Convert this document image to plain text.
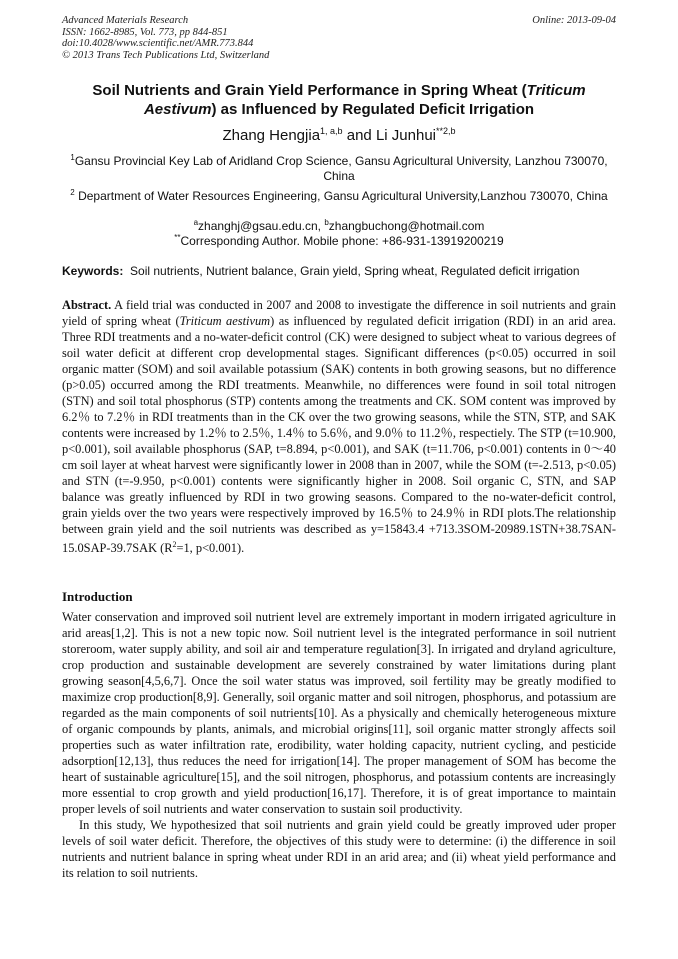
Advanced Materials Research
ISSN: 1662-8985, Vol. 773, pp 844-851
doi:10.4028/www.scientific.net/AMR.773.844
© 2013 Trans Tech Publications Ltd, Switzerland
Online: 2013-09-04
Soil Nutrients and Grain Yield Performance in Spring Wheat (Triticum Aestivum) as Influenced by Regulated Deficit Irrigation
Zhang Hengjia$^{1, a,b}$ and Li Junhui$^{**2,b}$
$^1$Gansu Provincial Key Lab of Aridland Crop Science, Gansu Agricultural University, Lanzhou 730070, China
$^2$ Department of Water Resources Engineering, Gansu Agricultural University,Lanzhou 730070, China
$^a$zhanghj@gsau.edu.cn, $^b$zhangbuchong@hotmail.com
**Corresponding Author. Mobile phone: +86-931-13919200219
Keywords: Soil nutrients, Nutrient balance, Grain yield, Spring wheat, Regulated deficit irrigation

Abstract. A field trial was conducted in 2007 and 2008 to investigate the difference in soil nutrients and grain yield of spring wheat (Triticum aestivum) as influenced by regulated deficit irrigation (RDI) in an arid area. Three RDI treatments and a no-water-deficit control (CK) were designed to subject wheat to various degrees of soil water deficit at different crop developmental stages. Significant differences (p<0.05) occurred in soil organic matter (SOM) and soil available potassium (SAK) contents in both growing seasons, but no difference (p>0.05) occurred among the RDI treatments. Meanwhile, no differences were found in soil total nitrogen (STN) and soil total phosphorus (STP) contents among the treatments and CK. SOM content was improved by 6.2％ to 7.2％ in RDI treatments than in the CK over the two growing seasons, while the STN, STP, and SAK contents were increased by 1.2％ to 2.5％, 1.4％ to 5.6％, and 9.0％ to 11.2％, respectiely. The STP (t=10.900, p<0.001), soil available phosphorus (SAP, t=8.894, p<0.001), and SAK (t=11.706, p<0.001) contents in 0～40 cm soil layer at wheat harvest were significantly lower in 2008 than in 2007, while the SOM (t=-2.513, p<0.05) and STN (t=-9.950, p<0.001) contents were significantly higher in 2008. Soil organic C, STN, and SAP balance was greatly influenced by RDI in two growing seasons. Compared to the no-water-deficit control, grain yields over the two years were respectively improved by 16.5％ to 24.9％ in RDI plots.The relationship between grain yield and the soil nutrients was described as y=15843.4 +713.3SOM-20989.1STN+38.7SAN-15.0SAP-39.7SAK ($R^2=1$, p<0.001).

Introduction

Water conservation and improved soil nutrient level are extremely important in modern irrigated agriculture in arid areas[1,2]. This is not a new topic now. Soil nutrient level is the integrated performance in soil nutrient storeroom, water supply ability, and soil air and temperature regulation[3]. In irrigated and dryland agriculture, crop production and sustainable development are severely constrained by water limitations during plant growing season[4,5,6,7]. Once the soil water status was improved, soil fertility may be greatly modified to maximize crop production[8,9]. Generally, soil organic matter and soil nitrogen, phosphorus, and potassium are regarded as the main components of soil nutrients[10]. As a physically and chemically heterogeneous mixture of organic compounds by plants, animals, and microbial origins[11], soil organic matter strongly affects soil properties such as water infiltration rate, erodibility, water holding capacity, nutrient cycling, and pesticide adsorption[12,13], thus reduces the need for irrigation[14]. The proper management of SOM has become the heart of sustainable agriculture[15], and the soil nitrogen, phosphorus, and potassium contents are increasingly more essential to crop growth and yield production[16,17]. Therefore, it is of great importance to maintain proper levels of soil nutrients and water conservation to sustain soil productivity.

In this study, We hypothesized that soil nutrients and grain yield could be greatly improved uder proper levels of soil water deficit. Therefore, the objectives of this study were to determine: (i) the difference in soil nutrients and nutrient balance in spring wheat under RDI in an arid area; and (ii) wheat yield performance and its relation to soil nutrients.
